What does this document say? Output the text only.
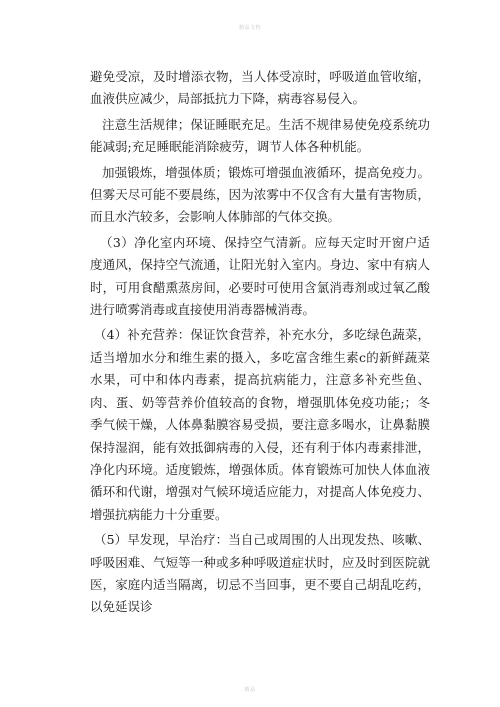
精品文档

避免受凉，及时增添衣物，当人体受凉时，呼吸道血管收缩，血液供应减少，局部抵抗力下降，病毒容易侵入。

注意生活规律；保证睡眠充足。生活不规律易使免疫系统功能减弱;充足睡眠能消除疲劳，调节人体各种机能。

加强锻炼，增强体质；锻炼可增强血液循环，提高免疫力。但雾天尽可能不要晨练，因为浓雾中不仅含有大量有害物质，而且水汽较多，会影响人体肺部的气体交换。

（3）净化室内环境、保持空气清新。应每天定时开窗户适度通风，保持空气流通，让阳光射入室内。身边、家中有病人时，可用食醋熏蒸房间，必要时可使用含氯消毒剂或过氧乙酸进行喷雾消毒或直接使用消毒器械消毒。

（4）补充营养：保证饮食营养，补充水分，多吃绿色蔬菜，适当增加水分和维生素的摄入，多吃富含维生素c的新鲜蔬菜水果，可中和体内毒素，提高抗病能力，注意多补充些鱼、肉、蛋、奶等营养价值较高的食物，增强肌体免疫功能;；冬季气候干燥，人体鼻黏膜容易受损，要注意多喝水，让鼻黏膜保持湿润，能有效抵御病毒的入侵，还有利于体内毒素排泄，净化内环境。适度锻炼，增强体质。体育锻炼可加快人体血液循环和代谢，增强对气候环境适应能力，对提高人体免疫力、增强抗病能力十分重要。

（5）早发现，早治疗：当自己或周围的人出现发热、咳嗽、呼吸困难、气短等一种或多种呼吸道症状时，应及时到医院就医，家庭内适当隔离，切忌不当回事，更不要自己胡乱吃药，以免延误诊

精品
